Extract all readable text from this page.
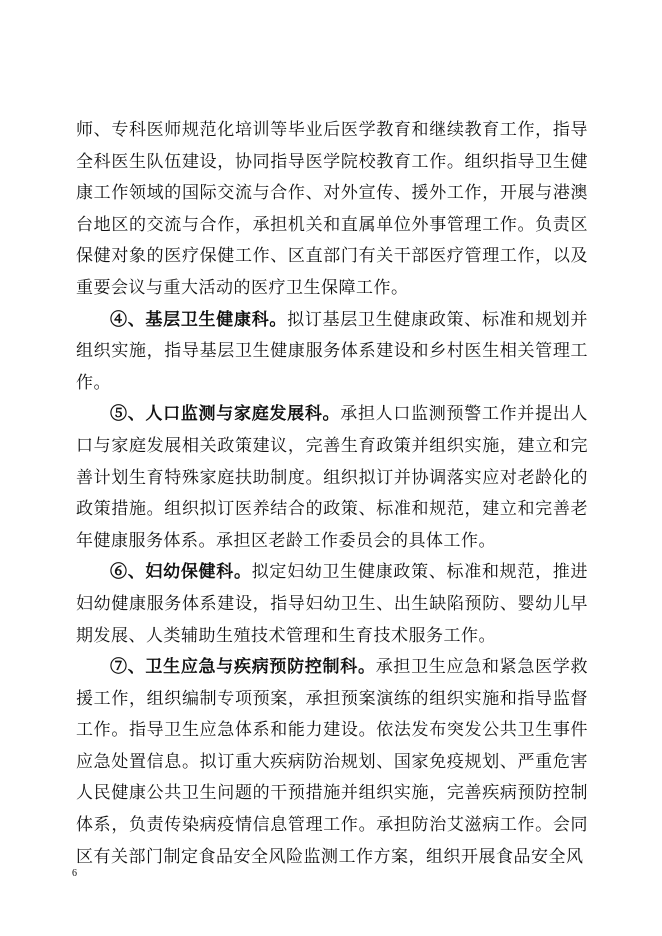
师、专科医师规范化培训等毕业后医学教育和继续教育工作，指导全科医生队伍建设，协同指导医学院校教育工作。组织指导卫生健康工作领域的国际交流与合作、对外宣传、援外工作，开展与港澳台地区的交流与合作，承担机关和直属单位外事管理工作。负责区保健对象的医疗保健工作、区直部门有关干部医疗管理工作，以及重要会议与重大活动的医疗卫生保障工作。

④、基层卫生健康科。拟订基层卫生健康政策、标准和规划并组织实施，指导基层卫生健康服务体系建设和乡村医生相关管理工作。

⑤、人口监测与家庭发展科。承担人口监测预警工作并提出人口与家庭发展相关政策建议，完善生育政策并组织实施，建立和完善计划生育特殊家庭扶助制度。组织拟订并协调落实应对老龄化的政策措施。组织拟订医养结合的政策、标准和规范，建立和完善老年健康服务体系。承担区老龄工作委员会的具体工作。

⑥、妇幼保健科。拟定妇幼卫生健康政策、标准和规范，推进妇幼健康服务体系建设，指导妇幼卫生、出生缺陷预防、婴幼儿早期发展、人类辅助生殖技术管理和生育技术服务工作。

⑦、卫生应急与疾病预防控制科。承担卫生应急和紧急医学救援工作，组织编制专项预案，承担预案演练的组织实施和指导监督工作。指导卫生应急体系和能力建设。依法发布突发公共卫生事件应急处置信息。拟订重大疾病防治规划、国家免疫规划、严重危害人民健康公共卫生问题的干预措施并组织实施，完善疾病预防控制体系，负责传染病疫情信息管理工作。承担防治艾滋病工作。会同区有关部门制定食品安全风险监测工作方案，组织开展食品安全风

6
